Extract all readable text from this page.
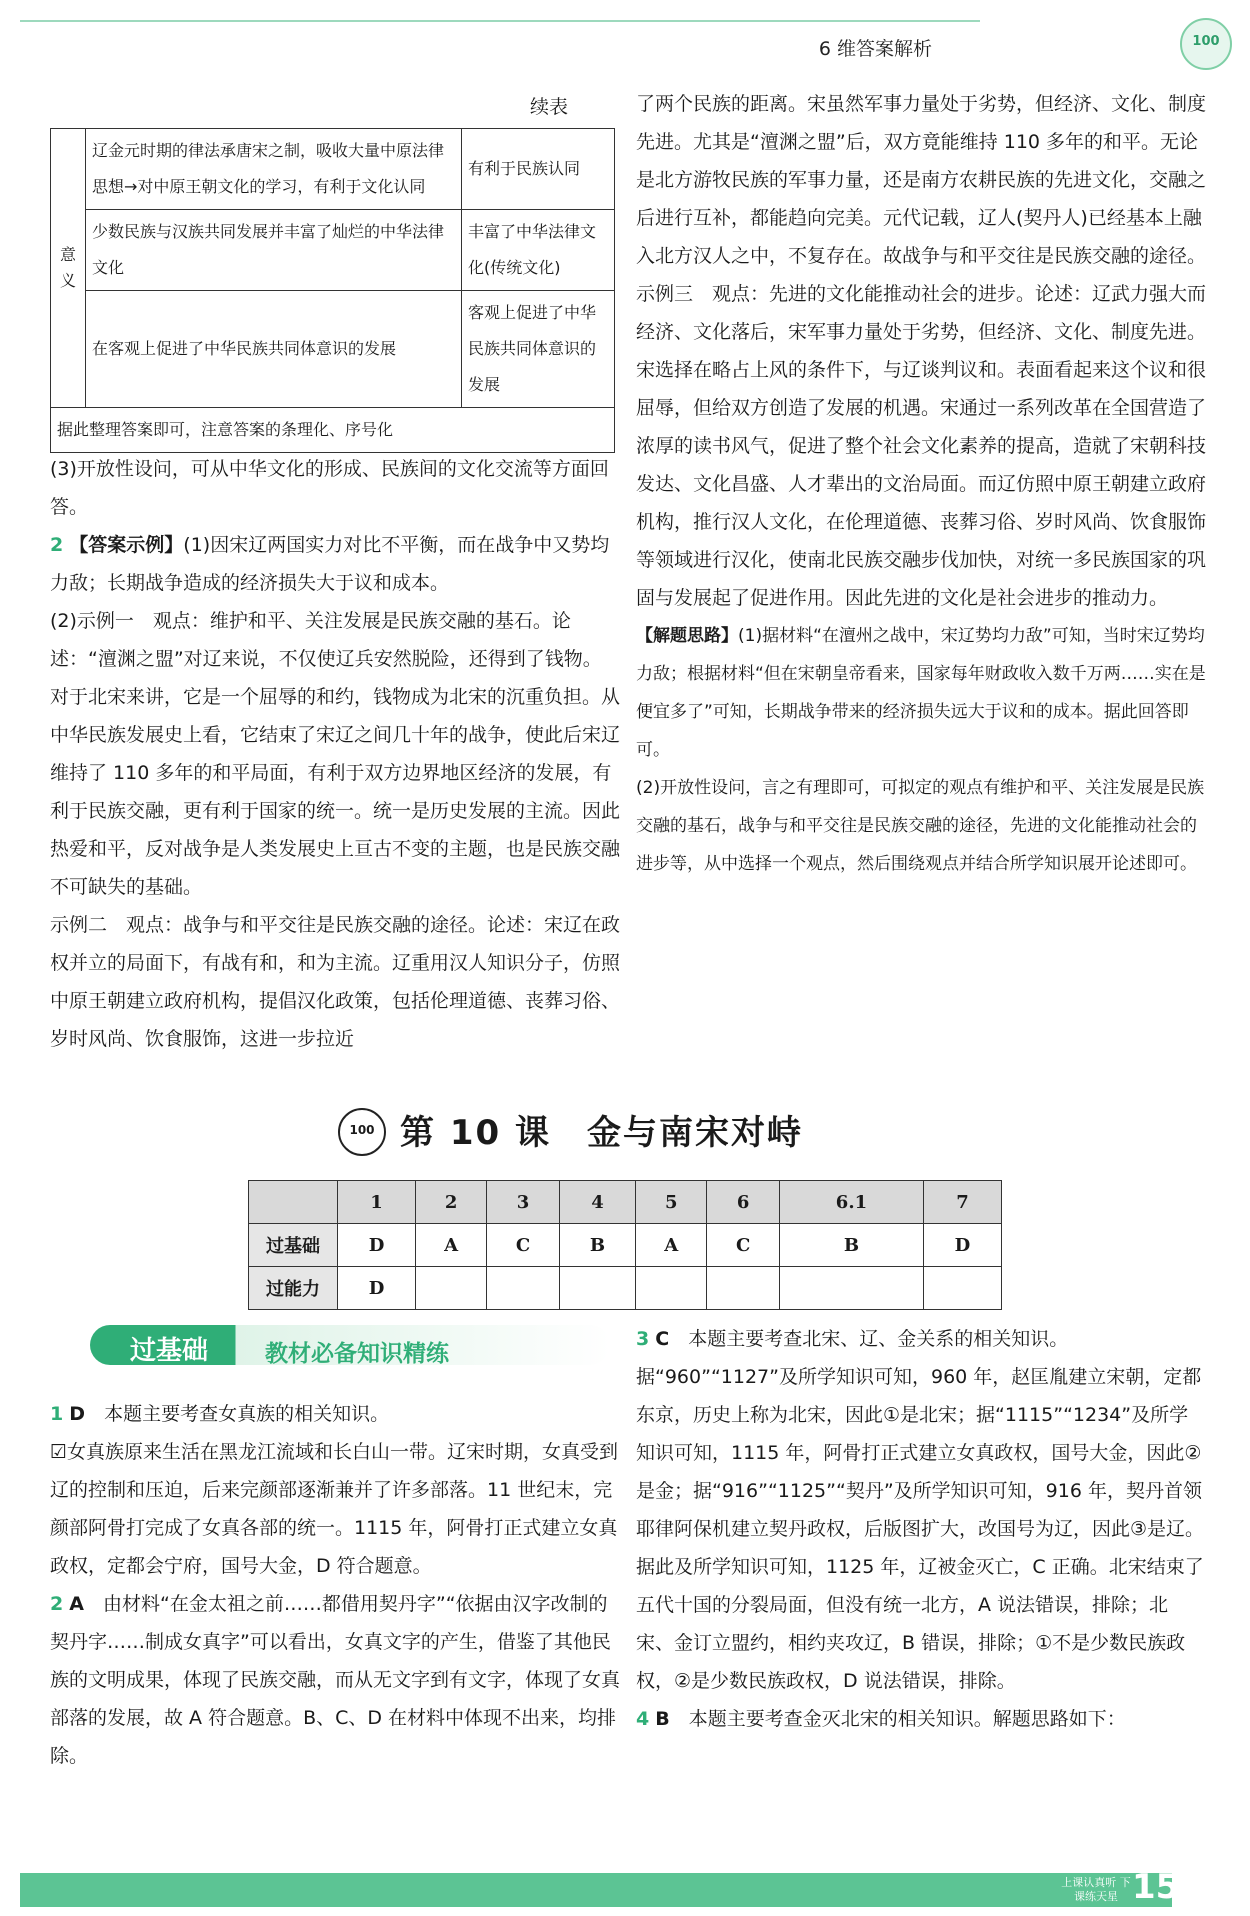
6 维答案解析	100
续表
意义	辽金元时期的律法承唐宋之制，吸收大量中原法律思想→对中原王朝文化的学习，有利于文化认同	有利于民族认同
	少数民族与汉族共同发展并丰富了灿烂的中华法律文化	丰富了中华法律文化(传统文化)
	在客观上促进了中华民族共同体意识的发展	客观上促进了中华民族共同体意识的发展
据此整理答案即可，注意答案的条理化、序号化		

(3)开放性设问，可从中华文化的形成、民族间的文化交流等方面回答。

2 【答案示例】(1)因宋辽两国实力对比不平衡，而在战争中又势均力敌；长期战争造成的经济损失大于议和成本。

(2)示例一　观点：维护和平、关注发展是民族交融的基石。论述：“澶渊之盟”对辽来说，不仅使辽兵安然脱险，还得到了钱物。对于北宋来讲，它是一个屈辱的和约，钱物成为北宋的沉重负担。从中华民族发展史上看，它结束了宋辽之间几十年的战争，使此后宋辽维持了 110 多年的和平局面，有利于双方边界地区经济的发展，有利于民族交融，更有利于国家的统一。统一是历史发展的主流。因此热爱和平，反对战争是人类发展史上亘古不变的主题，也是民族交融不可缺失的基础。

示例二　观点：战争与和平交往是民族交融的途径。论述：宋辽在政权并立的局面下，有战有和，和为主流。辽重用汉人知识分子，仿照中原王朝建立政府机构，提倡汉化政策，包括伦理道德、丧葬习俗、岁时风尚、饮食服饰，这进一步拉近

了两个民族的距离。宋虽然军事力量处于劣势，但经济、文化、制度先进。尤其是“澶渊之盟”后，双方竟能维持 110 多年的和平。无论是北方游牧民族的军事力量，还是南方农耕民族的先进文化，交融之后进行互补，都能趋向完美。元代记载，辽人(契丹人)已经基本上融入北方汉人之中，不复存在。故战争与和平交往是民族交融的途径。

示例三　观点：先进的文化能推动社会的进步。论述：辽武力强大而经济、文化落后，宋军事力量处于劣势，但经济、文化、制度先进。宋选择在略占上风的条件下，与辽谈判议和。表面看起来这个议和很屈辱，但给双方创造了发展的机遇。宋通过一系列改革在全国营造了浓厚的读书风气，促进了整个社会文化素养的提高，造就了宋朝科技发达、文化昌盛、人才辈出的文治局面。而辽仿照中原王朝建立政府机构，推行汉人文化，在伦理道德、丧葬习俗、岁时风尚、饮食服饰等领域进行汉化，使南北民族交融步伐加快，对统一多民族国家的巩固与发展起了促进作用。因此先进的文化是社会进步的推动力。

【解题思路】(1)据材料“在澶州之战中，宋辽势均力敌”可知，当时宋辽势均力敌；根据材料“但在宋朝皇帝看来，国家每年财政收入数千万两……实在是便宜多了”可知，长期战争带来的经济损失远大于议和的成本。据此回答即可。

(2)开放性设问，言之有理即可，可拟定的观点有维护和平、关注发展是民族交融的基石，战争与和平交往是民族交融的途径，先进的文化能推动社会的进步等，从中选择一个观点，然后围绕观点并结合所学知识展开论述即可。

100 第 10 课　金与南宋对峙
	1	2	3	4	5	6	6.1	7
过基础	D	A	C	B	A	C	B	D
过能力	D							
过基础 教材必备知识精练

1 D　 本题主要考查女真族的相关知识。

☑女真族原来生活在黑龙江流域和长白山一带。辽宋时期，女真受到辽的控制和压迫，后来完颜部逐渐兼并了许多部落。11 世纪末，完颜部阿骨打完成了女真各部的统一。1115 年，阿骨打正式建立女真政权，定都会宁府，国号大金，D 符合题意。

2 A　 由材料“在金太祖之前……都借用契丹字”“依据由汉字改制的契丹字……制成女真字”可以看出，女真文字的产生，借鉴了其他民族的文明成果，体现了民族交融，而从无文字到有文字，体现了女真部落的发展，故 A 符合题意。B、C、D 在材料中体现不出来，均排除。

3 C　 本题主要考查北宋、辽、金关系的相关知识。据“960”“1127”及所学知识可知，960 年，赵匡胤建立宋朝，定都东京，历史上称为北宋，因此①是北宋；据“1115”“1234”及所学知识可知，1115 年，阿骨打正式建立女真政权，国号大金，因此②是金；据“916”“1125”“契丹”及所学知识可知，916 年，契丹首领耶律阿保机建立契丹政权，后版图扩大，改国号为辽，因此③是辽。据此及所学知识可知，1125 年，辽被金灭亡，C 正确。北宋结束了五代十国的分裂局面，但没有统一北方，A 说法错误，排除；北宋、金订立盟约，相约夹攻辽，B 错误，排除；①不是少数民族政权，②是少数民族政权，D 说法错误，排除。

4 B　 本题主要考查金灭北宋的相关知识。解题思路如下：

上课认真听 下课练天星 15
